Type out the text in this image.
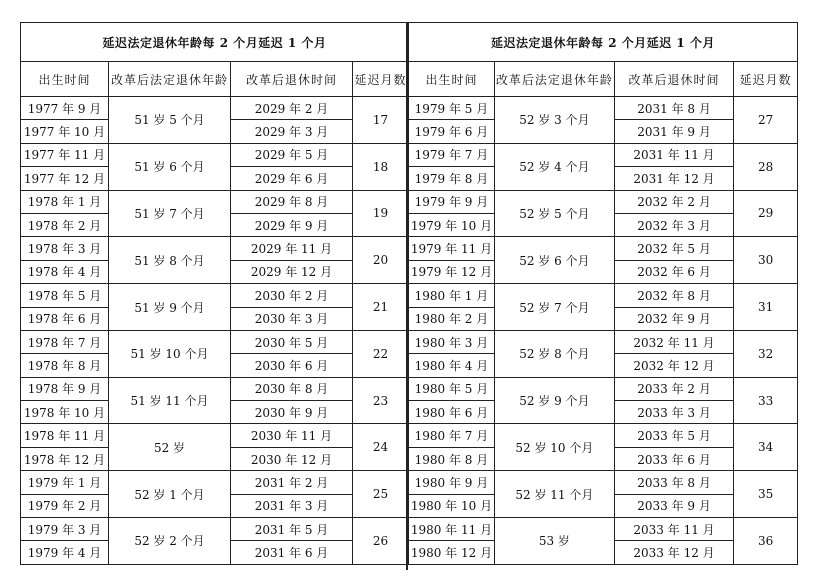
延迟法定退休年龄每 2 个月延迟 1 个月			
出生时间	改革后法定退休年龄	改革后退休时间	延迟月数
1977 年 9 月	51 岁 5 个月	2029 年 2 月	17
1977 年 10 月		2029 年 3 月	
1977 年 11 月	51 岁 6 个月	2029 年 5 月	18
1977 年 12 月		2029 年 6 月	
1978 年 1 月	51 岁 7 个月	2029 年 8 月	19
1978 年 2 月		2029 年 9 月	
1978 年 3 月	51 岁 8 个月	2029 年 11 月	20
1978 年 4 月		2029 年 12 月	
1978 年 5 月	51 岁 9 个月	2030 年 2 月	21
1978 年 6 月		2030 年 3 月	
1978 年 7 月	51 岁 10 个月	2030 年 5 月	22
1978 年 8 月		2030 年 6 月	
1978 年 9 月	51 岁 11 个月	2030 年 8 月	23
1978 年 10 月		2030 年 9 月	
1978 年 11 月	52 岁	2030 年 11 月	24
1978 年 12 月		2030 年 12 月	
1979 年 1 月	52 岁 1 个月	2031 年 2 月	25
1979 年 2 月		2031 年 3 月	
1979 年 3 月	52 岁 2 个月	2031 年 5 月	26
1979 年 4 月		2031 年 6 月	
延迟法定退休年龄每 2 个月延迟 1 个月			
出生时间	改革后法定退休年龄	改革后退休时间	延迟月数
1979 年 5 月	52 岁 3 个月	2031 年 8 月	27
1979 年 6 月		2031 年 9 月	
1979 年 7 月	52 岁 4 个月	2031 年 11 月	28
1979 年 8 月		2031 年 12 月	
1979 年 9 月	52 岁 5 个月	2032 年 2 月	29
1979 年 10 月		2032 年 3 月	
1979 年 11 月	52 岁 6 个月	2032 年 5 月	30
1979 年 12 月		2032 年 6 月	
1980 年 1 月	52 岁 7 个月	2032 年 8 月	31
1980 年 2 月		2032 年 9 月	
1980 年 3 月	52 岁 8 个月	2032 年 11 月	32
1980 年 4 月		2032 年 12 月	
1980 年 5 月	52 岁 9 个月	2033 年 2 月	33
1980 年 6 月		2033 年 3 月	
1980 年 7 月	52 岁 10 个月	2033 年 5 月	34
1980 年 8 月		2033 年 6 月	
1980 年 9 月	52 岁 11 个月	2033 年 8 月	35
1980 年 10 月		2033 年 9 月	
1980 年 11 月	53 岁	2033 年 11 月	36
1980 年 12 月		2033 年 12 月	
